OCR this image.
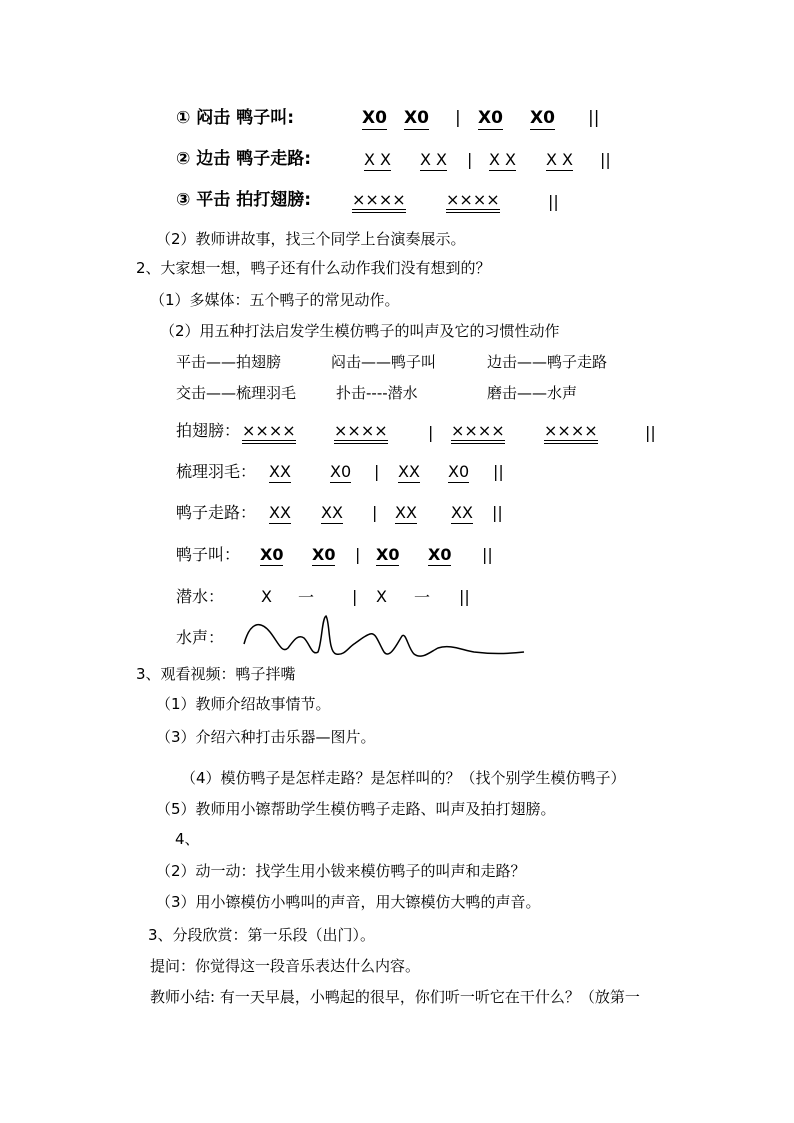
① 闷击 鸭子叫:	X0 X0 | X0 X0 ||
② 边击 鸭子走路:	X X X X | X X X X ||
③ 平击 拍打翅膀:	××××	××××	||
（2）教师讲故事，找三个同学上台演奏展示。
2、大家想一想，鸭子还有什么动作我们没有想到的？
（1）多媒体：五个鸭子的常见动作。
（2）用五种打法启发学生模仿鸭子的叫声及它的习惯性动作
平击——拍翅膀	闷击——鸭子叫	边击——鸭子走路
交击——梳理羽毛	扑击----潜水	磨击——水声
拍翅膀： ×××× ××××	| ×××× ××××	||
梳理羽毛： XX X0 | XX X0 ||
鸭子走路： XX XX | XX XX ||
鸭子叫： X0 X0 | X0 X0 ||
潜水： X 一 | X 一 ||
水声：
3、观看视频：鸭子拌嘴
（1）教师介绍故事情节。
（3）介绍六种打击乐器—图片。
（4）模仿鸭子是怎样走路？是怎样叫的？（找个别学生模仿鸭子）
（5）教师用小镲帮助学生模仿鸭子走路、叫声及拍打翅膀。
4、
（2）动一动：找学生用小钹来模仿鸭子的叫声和走路？
（3）用小镲模仿小鸭叫的声音，用大镲模仿大鸭的声音。
3、分段欣赏：第一乐段（出门）。
提问：你觉得这一段音乐表达什么内容。
教师小结: 有一天早晨，小鸭起的很早，你们听一听它在干什么？（放第一
